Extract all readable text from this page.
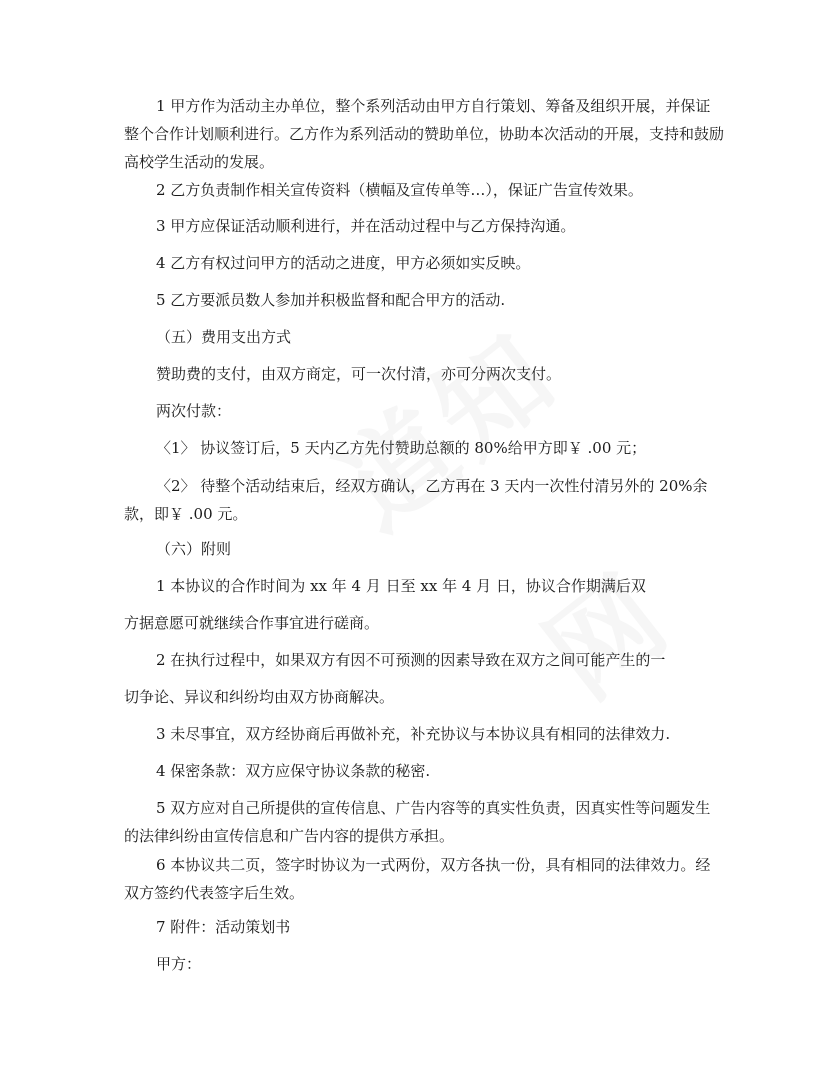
1 甲方作为活动主办单位，整个系列活动由甲方自行策划、筹备及组织开展，并保证整个合作计划顺利进行。乙方作为系列活动的赞助单位，协助本次活动的开展，支持和鼓励高校学生活动的发展。

2 乙方负责制作相关宣传资料（横幅及宣传单等…），保证广告宣传效果。

3 甲方应保证活动顺利进行，并在活动过程中与乙方保持沟通。

4 乙方有权过问甲方的活动之进度，甲方必须如实反映。

5 乙方要派员数人参加并积极监督和配合甲方的活动.

（五）费用支出方式

赞助费的支付，由双方商定，可一次付清，亦可分两次支付。

两次付款：

〈1〉 协议签订后，5 天内乙方先付赞助总额的 80%给甲方即￥ .00 元；

〈2〉 待整个活动结束后，经双方确认，乙方再在 3 天内一次性付清另外的 20%余款，即￥ .00 元。

（六）附则

1 本协议的合作时间为 xx 年 4 月 日至 xx 年 4 月 日，协议合作期满后双

方据意愿可就继续合作事宜进行磋商。

2 在执行过程中，如果双方有因不可预测的因素导致在双方之间可能产生的一

切争论、异议和纠纷均由双方协商解决。

3 未尽事宜，双方经协商后再做补充，补充协议与本协议具有相同的法律效力.

4 保密条款：双方应保守协议条款的秘密.

5 双方应对自己所提供的宣传信息、广告内容等的真实性负责，因真实性等问题发生的法律纠纷由宣传信息和广告内容的提供方承担。

6 本协议共二页，签字时协议为一式两份，双方各执一份，具有相同的法律效力。经双方签约代表签字后生效。

7 附件：活动策划书

甲方：
